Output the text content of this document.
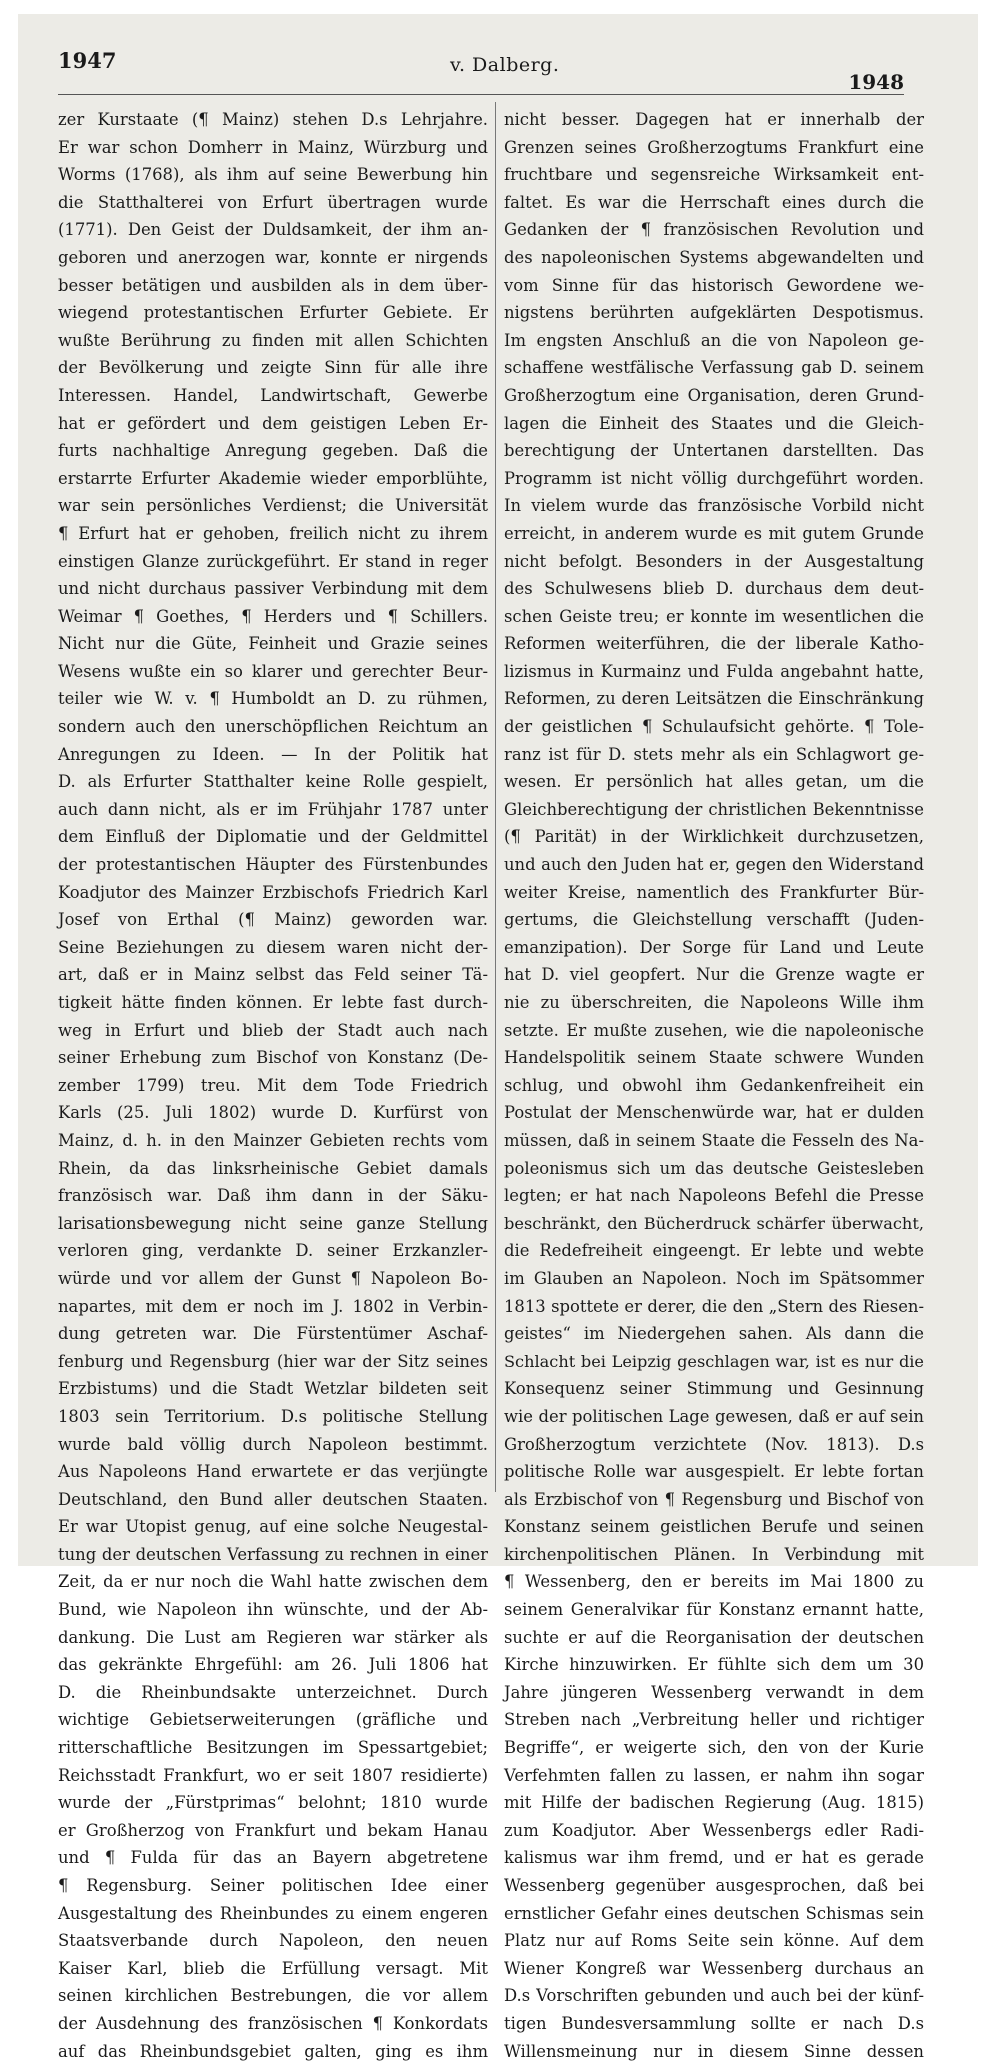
1947	v. Dalberg.
1948
zer Kurstaate (¶ Mainz) stehen D.s Lehrjahre.
Er war schon Domherr in Mainz, Würzburg und
Worms (1768), als ihm auf seine Bewerbung hin
die Statthalterei von Erfurt übertragen wurde
(1771). Den Geist der Duldsamkeit, der ihm an-
geboren und anerzogen war, konnte er nirgends
besser betätigen und ausbilden als in dem über-
wiegend protestantischen Erfurter Gebiete. Er
wußte Berührung zu finden mit allen Schichten
der Bevölkerung und zeigte Sinn für alle ihre
Interessen. Handel, Landwirtschaft, Gewerbe
hat er gefördert und dem geistigen Leben Er-
furts nachhaltige Anregung gegeben. Daß die
erstarrte Erfurter Akademie wieder emporblühte,
war sein persönliches Verdienst; die Universität
¶ Erfurt hat er gehoben, freilich nicht zu ihrem
einstigen Glanze zurückgeführt. Er stand in reger
und nicht durchaus passiver Verbindung mit dem
Weimar ¶ Goethes, ¶ Herders und ¶ Schillers.
Nicht nur die Güte, Feinheit und Grazie seines
Wesens wußte ein so klarer und gerechter Beur-
teiler wie W. v. ¶ Humboldt an D. zu rühmen,
sondern auch den unerschöpflichen Reichtum an
Anregungen zu Ideen. — In der Politik hat
D. als Erfurter Statthalter keine Rolle gespielt,
auch dann nicht, als er im Frühjahr 1787 unter
dem Einfluß der Diplomatie und der Geldmittel
der protestantischen Häupter des Fürstenbundes
Koadjutor des Mainzer Erzbischofs Friedrich Karl
Josef von Erthal (¶ Mainz) geworden war.
Seine Beziehungen zu diesem waren nicht der-
art, daß er in Mainz selbst das Feld seiner Tä-
tigkeit hätte finden können. Er lebte fast durch-
weg in Erfurt und blieb der Stadt auch nach
seiner Erhebung zum Bischof von Konstanz (De-
zember 1799) treu. Mit dem Tode Friedrich
Karls (25. Juli 1802) wurde D. Kurfürst von
Mainz, d. h. in den Mainzer Gebieten rechts vom
Rhein, da das linksrheinische Gebiet damals
französisch war. Daß ihm dann in der Säku-
larisationsbewegung nicht seine ganze Stellung
verloren ging, verdankte D. seiner Erzkanzler-
würde und vor allem der Gunst ¶ Napoleon Bo-
napartes, mit dem er noch im J. 1802 in Verbin-
dung getreten war. Die Fürstentümer Aschaf-
fenburg und Regensburg (hier war der Sitz seines
Erzbistums) und die Stadt Wetzlar bildeten seit
1803 sein Territorium. D.s politische Stellung
wurde bald völlig durch Napoleon bestimmt.
Aus Napoleons Hand erwartete er das verjüngte
Deutschland, den Bund aller deutschen Staaten.
Er war Utopist genug, auf eine solche Neugestal-
tung der deutschen Verfassung zu rechnen in einer
Zeit, da er nur noch die Wahl hatte zwischen dem
Bund, wie Napoleon ihn wünschte, und der Ab-
dankung. Die Lust am Regieren war stärker als
das gekränkte Ehrgefühl: am 26. Juli 1806 hat
D. die Rheinbundsakte unterzeichnet. Durch
wichtige Gebietserweiterungen (gräfliche und
ritterschaftliche Besitzungen im Spessartgebiet;
Reichsstadt Frankfurt, wo er seit 1807 residierte)
wurde der „Fürstprimas“ belohnt; 1810 wurde
er Großherzog von Frankfurt und bekam Hanau
und ¶ Fulda für das an Bayern abgetretene
¶ Regensburg. Seiner politischen Idee einer
Ausgestaltung des Rheinbundes zu einem engeren
Staatsverbande durch Napoleon, den neuen
Kaiser Karl, blieb die Erfüllung versagt. Mit
seinen kirchlichen Bestrebungen, die vor allem
der Ausdehnung des französischen ¶ Konkordats
auf das Rheinbundsgebiet galten, ging es ihm
nicht besser. Dagegen hat er innerhalb der
Grenzen seines Großherzogtums Frankfurt eine
fruchtbare und segensreiche Wirksamkeit ent-
faltet. Es war die Herrschaft eines durch die
Gedanken der ¶ französischen Revolution und
des napoleonischen Systems abgewandelten und
vom Sinne für das historisch Gewordene we-
nigstens berührten aufgeklärten Despotismus.
Im engsten Anschluß an die von Napoleon ge-
schaffene westfälische Verfassung gab D. seinem
Großherzogtum eine Organisation, deren Grund-
lagen die Einheit des Staates und die Gleich-
berechtigung der Untertanen darstellten. Das
Programm ist nicht völlig durchgeführt worden.
In vielem wurde das französische Vorbild nicht
erreicht, in anderem wurde es mit gutem Grunde
nicht befolgt. Besonders in der Ausgestaltung
des Schulwesens blieb D. durchaus dem deut-
schen Geiste treu; er konnte im wesentlichen die
Reformen weiterführen, die der liberale Katho-
lizismus in Kurmainz und Fulda angebahnt hatte,
Reformen, zu deren Leitsätzen die Einschränkung
der geistlichen ¶ Schulaufsicht gehörte. ¶ Tole-
ranz ist für D. stets mehr als ein Schlagwort ge-
wesen. Er persönlich hat alles getan, um die
Gleichberechtigung der christlichen Bekenntnisse
(¶ Parität) in der Wirklichkeit durchzusetzen,
und auch den Juden hat er, gegen den Widerstand
weiter Kreise, namentlich des Frankfurter Bür-
gertums, die Gleichstellung verschafft (Juden-
emanzipation). Der Sorge für Land und Leute
hat D. viel geopfert. Nur die Grenze wagte er
nie zu überschreiten, die Napoleons Wille ihm
setzte. Er mußte zusehen, wie die napoleonische
Handelspolitik seinem Staate schwere Wunden
schlug, und obwohl ihm Gedankenfreiheit ein
Postulat der Menschenwürde war, hat er dulden
müssen, daß in seinem Staate die Fesseln des Na-
poleonismus sich um das deutsche Geistesleben
legten; er hat nach Napoleons Befehl die Presse
beschränkt, den Bücherdruck schärfer überwacht,
die Redefreiheit eingeengt. Er lebte und webte
im Glauben an Napoleon. Noch im Spätsommer
1813 spottete er derer, die den „Stern des Riesen-
geistes“ im Niedergehen sahen. Als dann die
Schlacht bei Leipzig geschlagen war, ist es nur die
Konsequenz seiner Stimmung und Gesinnung
wie der politischen Lage gewesen, daß er auf sein
Großherzogtum verzichtete (Nov. 1813). D.s
politische Rolle war ausgespielt. Er lebte fortan
als Erzbischof von ¶ Regensburg und Bischof von
Konstanz seinem geistlichen Berufe und seinen
kirchenpolitischen Plänen. In Verbindung mit
¶ Wessenberg, den er bereits im Mai 1800 zu
seinem Generalvikar für Konstanz ernannt hatte,
suchte er auf die Reorganisation der deutschen
Kirche hinzuwirken. Er fühlte sich dem um 30
Jahre jüngeren Wessenberg verwandt in dem
Streben nach „Verbreitung heller und richtiger
Begriffe“, er weigerte sich, den von der Kurie
Verfehmten fallen zu lassen, er nahm ihn sogar
mit Hilfe der badischen Regierung (Aug. 1815)
zum Koadjutor. Aber Wessenbergs edler Radi-
kalismus war ihm fremd, und er hat es gerade
Wessenberg gegenüber ausgesprochen, daß bei
ernstlicher Gefahr eines deutschen Schismas sein
Platz nur auf Roms Seite sein könne. Auf dem
Wiener Kongreß war Wessenberg durchaus an
D.s Vorschriften gebunden und auch bei der künf-
tigen Bundesversammlung sollte er nach D.s
Willensmeinung nur in diesem Sinne dessen
